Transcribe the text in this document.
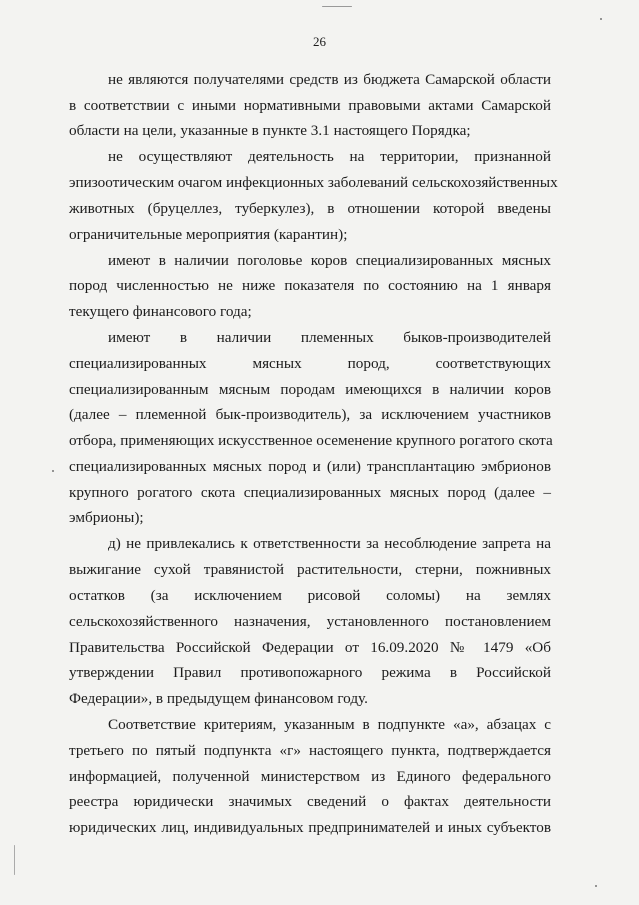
26
не являются получателями средств из бюджета Самарской области
в соответствии с иными нормативными правовыми актами Самарской
области на цели, указанные в пункте 3.1 настоящего Порядка;
не осуществляют деятельность на территории, признанной
эпизоотическим очагом инфекционных заболеваний сельскохозяйственных
животных (бруцеллез, туберкулез), в отношении которой введены
ограничительные мероприятия (карантин);
имеют в наличии поголовье коров специализированных мясных
пород численностью не ниже показателя по состоянию на 1 января
текущего финансового года;
имеют в наличии племенных быков-производителей
специализированных мясных пород, соответствующих
специализированным мясным породам имеющихся в наличии коров
(далее – племенной бык-производитель), за исключением участников
отбора, применяющих искусственное осеменение крупного рогатого скота
специализированных мясных пород и (или) трансплантацию эмбрионов
крупного рогатого скота специализированных мясных пород (далее –
эмбрионы);
д) не привлекались к ответственности за несоблюдение запрета на
выжигание сухой травянистой растительности, стерни, пожнивных
остатков (за исключением рисовой соломы) на землях
сельскохозяйственного назначения, установленного постановлением
Правительства Российской Федерации от 16.09.2020 № 1479 «Об
утверждении Правил противопожарного режима в Российской
Федерации», в предыдущем финансовом году.
Соответствие критериям, указанным в подпункте «а», абзацах с
третьего по пятый подпункта «г» настоящего пункта, подтверждается
информацией, полученной министерством из Единого федерального
реестра юридически значимых сведений о фактах деятельности
юридических лиц, индивидуальных предпринимателей и иных субъектов
